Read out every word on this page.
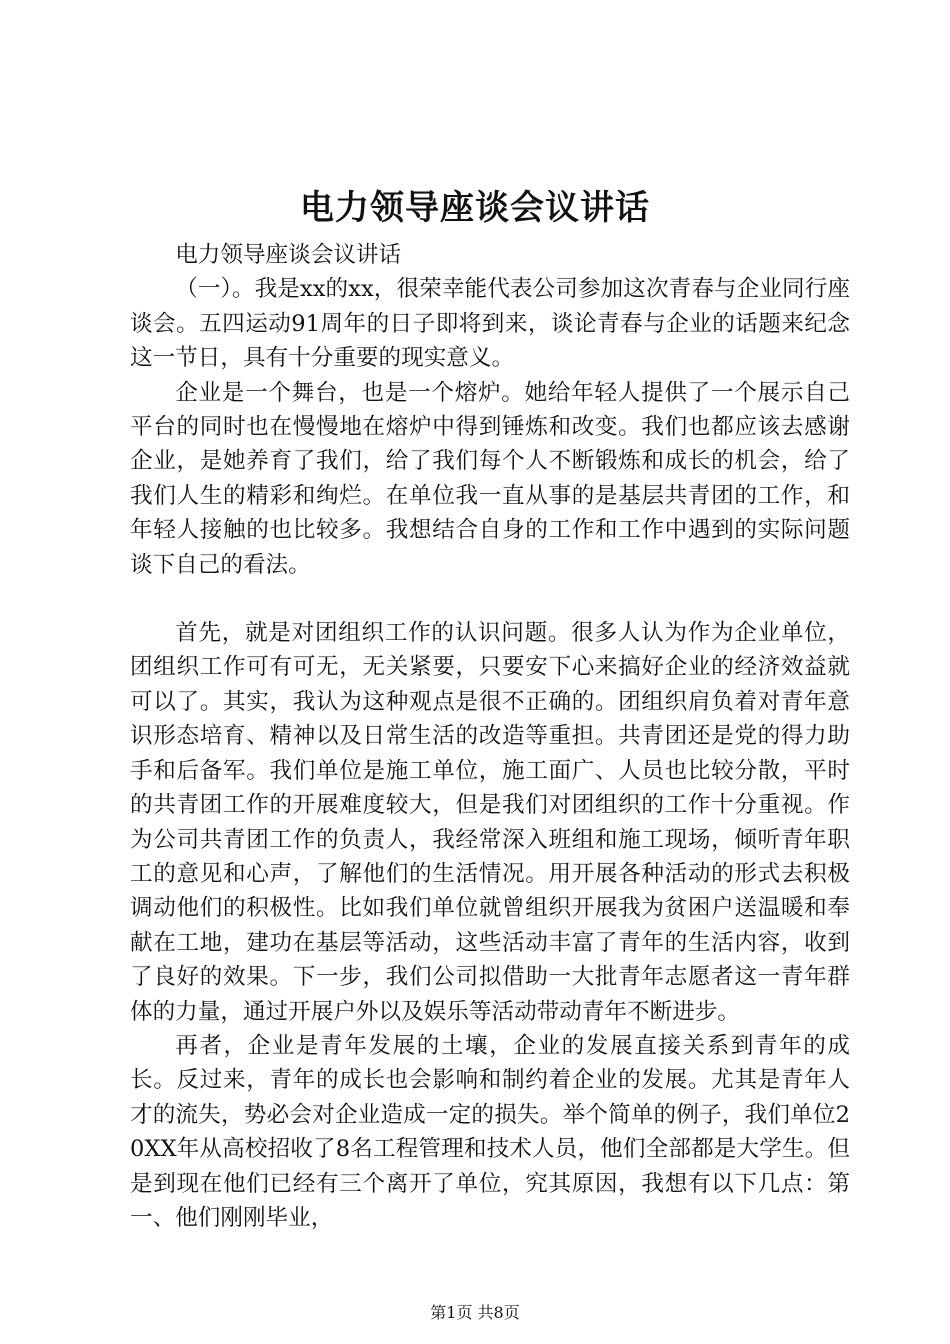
电力领导座谈会议讲话

电力领导座谈会议讲话

（一）。我是xx的xx，很荣幸能代表公司参加这次青春与企业同行座谈会。五四运动91周年的日子即将到来，谈论青春与企业的话题来纪念这一节日，具有十分重要的现实意义。

企业是一个舞台，也是一个熔炉。她给年轻人提供了一个展示自己平台的同时也在慢慢地在熔炉中得到锤炼和改变。我们也都应该去感谢企业，是她养育了我们，给了我们每个人不断锻炼和成长的机会，给了我们人生的精彩和绚烂。在单位我一直从事的是基层共青团的工作，和年轻人接触的也比较多。我想结合自身的工作和工作中遇到的实际问题谈下自己的看法。

首先，就是对团组织工作的认识问题。很多人认为作为企业单位，团组织工作可有可无，无关紧要，只要安下心来搞好企业的经济效益就可以了。其实，我认为这种观点是很不正确的。团组织肩负着对青年意识形态培育、精神以及日常生活的改造等重担。共青团还是党的得力助手和后备军。我们单位是施工单位，施工面广、人员也比较分散，平时的共青团工作的开展难度较大，但是我们对团组织的工作十分重视。作为公司共青团工作的负责人，我经常深入班组和施工现场，倾听青年职工的意见和心声，了解他们的生活情况。用开展各种活动的形式去积极调动他们的积极性。比如我们单位就曾组织开展我为贫困户送温暖和奉献在工地，建功在基层等活动，这些活动丰富了青年的生活内容，收到了良好的效果。下一步，我们公司拟借助一大批青年志愿者这一青年群体的力量，通过开展户外以及娱乐等活动带动青年不断进步。

再者，企业是青年发展的土壤，企业的发展直接关系到青年的成长。反过来，青年的成长也会影响和制约着企业的发展。尤其是青年人才的流失，势必会对企业造成一定的损失。举个简单的例子，我们单位20XX年从高校招收了8名工程管理和技术人员，他们全部都是大学生。但是到现在他们已经有三个离开了单位，究其原因，我想有以下几点：第一、他们刚刚毕业，

第1页 共8页
